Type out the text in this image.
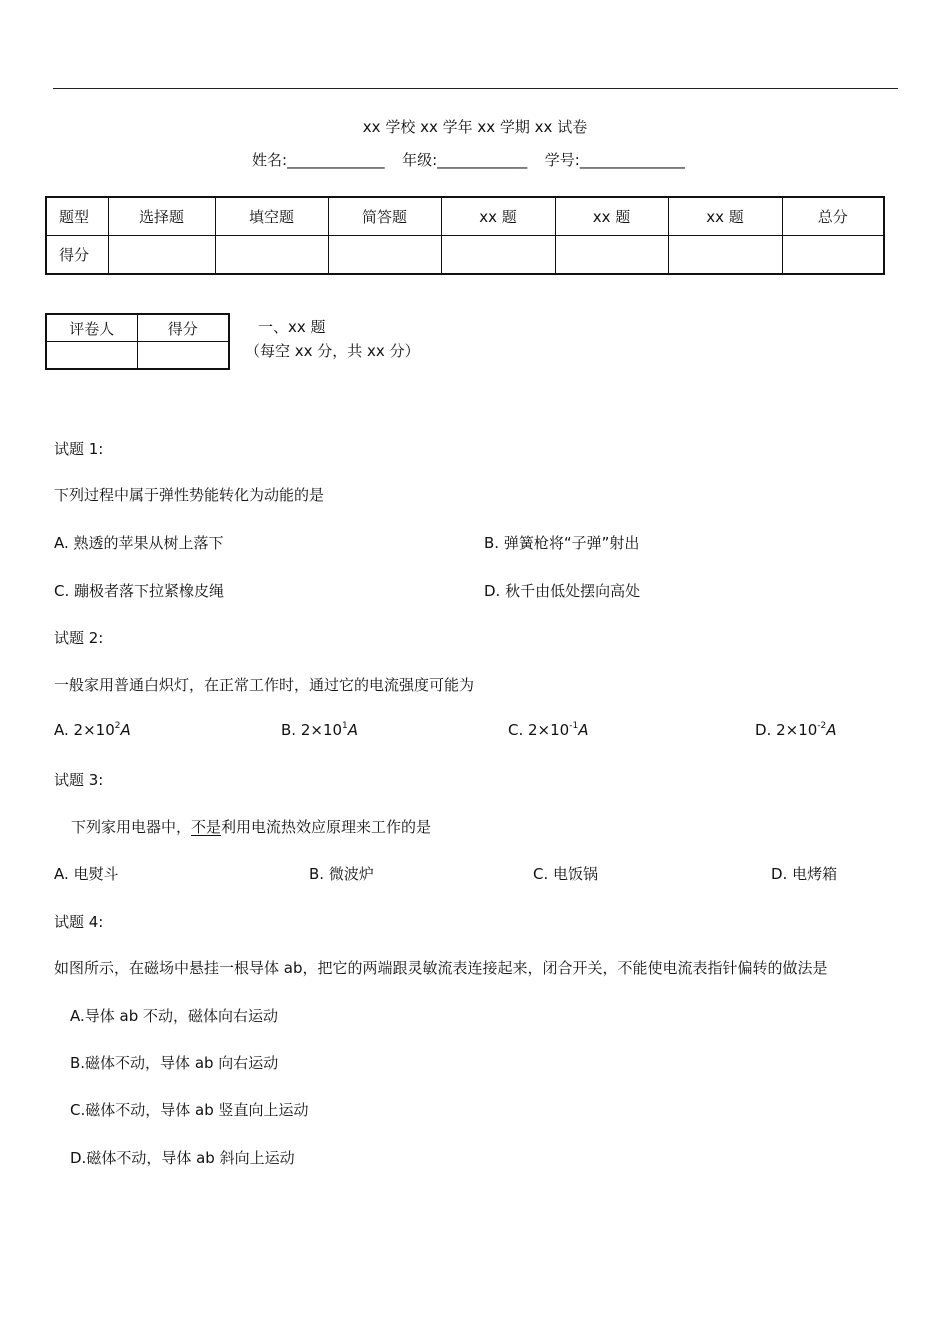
xx 学校 xx 学年 xx 学期 xx 试卷
姓名:_____________ 年级:____________ 学号:______________
题型	选择题	填空题	简答题	xx 题	xx 题	xx 题	总分
得分							
评卷人	得分
		一、xx 题
（每空 xx 分，共 xx 分）
试题 1:
下列过程中属于弹性势能转化为动能的是
A. 熟透的苹果从树上落下	B. 弹簧枪将“子弹”射出
C. 蹦极者落下拉紧橡皮绳	D. 秋千由低处摆向高处
试题 2:
一般家用普通白炽灯，在正常工作时，通过它的电流强度可能为
A. $2\times 10^2A$	B. $2\times 10^1A$	C. $2\times 10^{-1}A$	D. $2\times 10^{-2}A$
试题 3:
下列家用电器中，不是利用电流热效应原理来工作的是
A. 电熨斗	B. 微波炉	C. 电饭锅	D. 电烤箱
试题 4:
如图所示，在磁场中悬挂一根导体 ab，把它的两端跟灵敏流表连接起来，闭合开关，不能使电流表指针偏转的做法是
A.导体 ab 不动，磁体向右运动
B.磁体不动，导体 ab 向右运动
C.磁体不动，导体 ab 竖直向上运动
D.磁体不动，导体 ab 斜向上运动
